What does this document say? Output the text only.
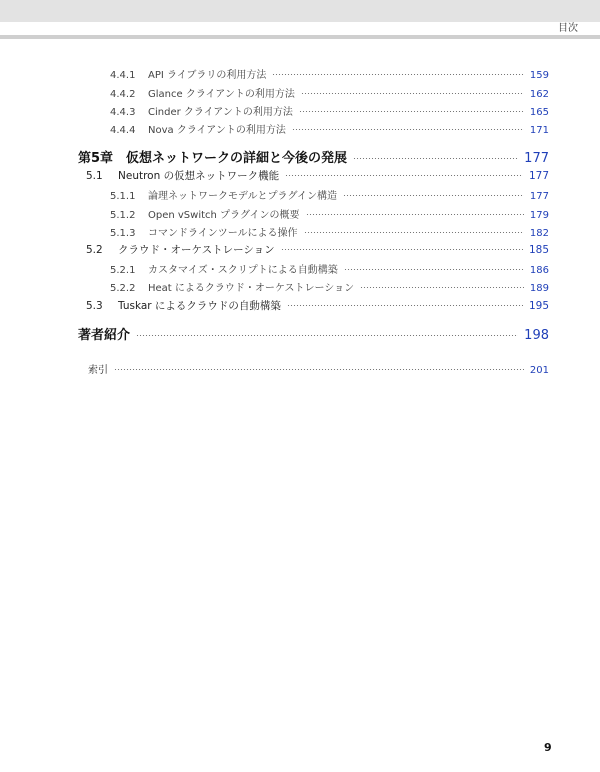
目次
4.4.1	API ライブラリの利用方法	159
4.4.2	Glance クライアントの利用方法	162
4.4.3	Cinder クライアントの利用方法	165
4.4.4	Nova クライアントの利用方法	171
第5章 仮想ネットワークの詳細と今後の発展	177
5.1	Neutron の仮想ネットワーク機能	177
5.1.1	論理ネットワークモデルとプラグイン構造	177
5.1.2	Open vSwitch プラグインの概要	179
5.1.3	コマンドラインツールによる操作	182
5.2	クラウド・オーケストレーション	185
5.2.1	カスタマイズ・スクリプトによる自動構築	186
5.2.2	Heat によるクラウド・オーケストレーション	189
5.3	Tuskar によるクラウドの自動構築	195
著者紹介	198
索引	201
9
